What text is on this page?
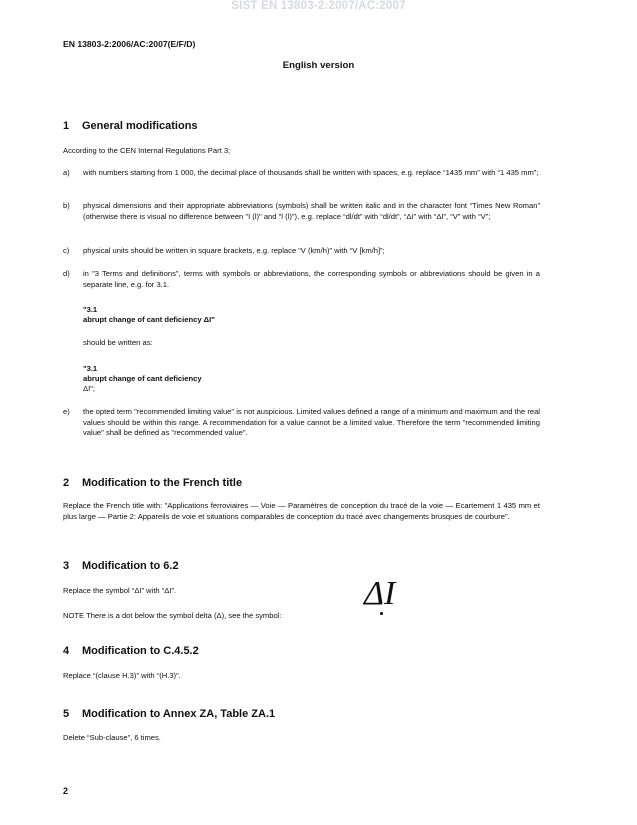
SIST EN 13803-2:2007/AC:2007
EN 13803-2:2006/AC:2007(E/F/D)
English version
1 General modifications
According to the CEN Internal Regulations Part 3;
a) with numbers starting from 1 000, the decimal place of thousands shall be written with spaces, e.g. replace “1435 mm” with “1 435 mm”;
b) physical dimensions and their appropriate abbreviations (symbols) shall be written italic and in the character font “Times New Roman” (otherwise there is visual no difference between "I (l)" and "l (l)"), e.g. replace “dl/dt” with “dl/dt”, “ΔI” with “ΔI”, “V” with “V”;
c) physical units should be written in square brackets, e.g. replace “V (km/h)” with “V [km/h]”;
d) in "3 Terms and definitions", terms with symbols or abbreviations, the corresponding symbols or abbreviations should be given in a separate line, e.g. for 3.1.
"3.1
abrupt change of cant deficiency ΔI"
should be written as:
"3.1
abrupt change of cant deficiency
ΔI";
e) the opted term "recommended limiting value" is not auspicious. Limited values defined a range of a minimum and maximum and the real values should be within this range. A recommendation for a value cannot be a limited value. Therefore the term "recommended limiting value" shall be defined as "recommended value".
2 Modification to the French title
Replace the French title with: "Applications ferroviaires — Voie — Paramètres de conception du tracé de la voie — Ecartement 1 435 mm et plus large — Partie 2: Appareils de voie et situations comparables de conception du tracé avec changements brusques de courbure".
3 Modification to 6.2
Replace the symbol “ΔI” with “ΔI”.
NOTE There is a dot below the symbol delta (Δ), see the symbol:
ΔI
4 Modification to C.4.5.2
Replace “(clause H.3)” with “(H.3)”.
5 Modification to Annex ZA, Table ZA.1
Delete “Sub-clause”, 6 times.
2
